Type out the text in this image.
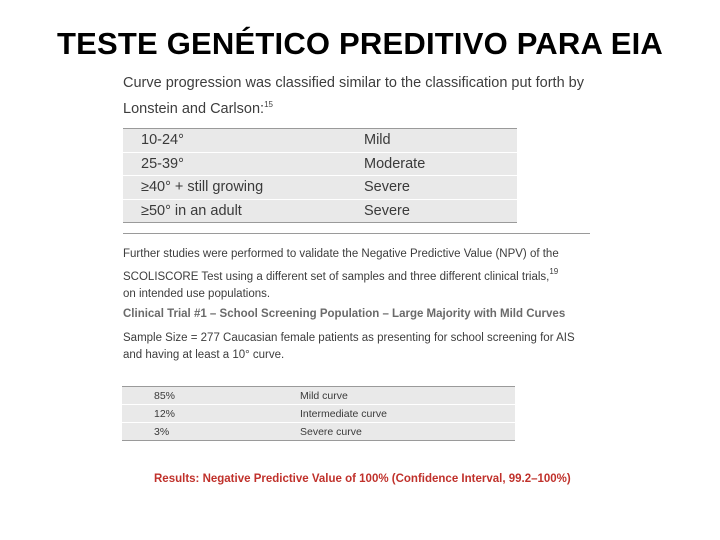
TESTE GENÉTICO PREDITIVO PARA EIA
Curve progression was classified similar to the classification put forth by
Lonstein and Carlson:$^{15}$
10-24°	Mild
25-39°	Moderate
≥40° + still growing	Severe
≥50° in an adult	Severe

Further studies were performed to validate the Negative Predictive Value (NPV) of the
SCOLISCORE Test using a different set of samples and three different clinical trials,$^{19}$
on intended use populations.

Clinical Trial #1 – School Screening Population – Large Majority with Mild Curves

Sample Size = 277 Caucasian female patients as presenting for school screening for AIS
and having at least a 10° curve.

85%	Mild curve
12%	Intermediate curve
3%	Severe curve

Results: Negative Predictive Value of 100% (Confidence Interval, 99.2–100%)
